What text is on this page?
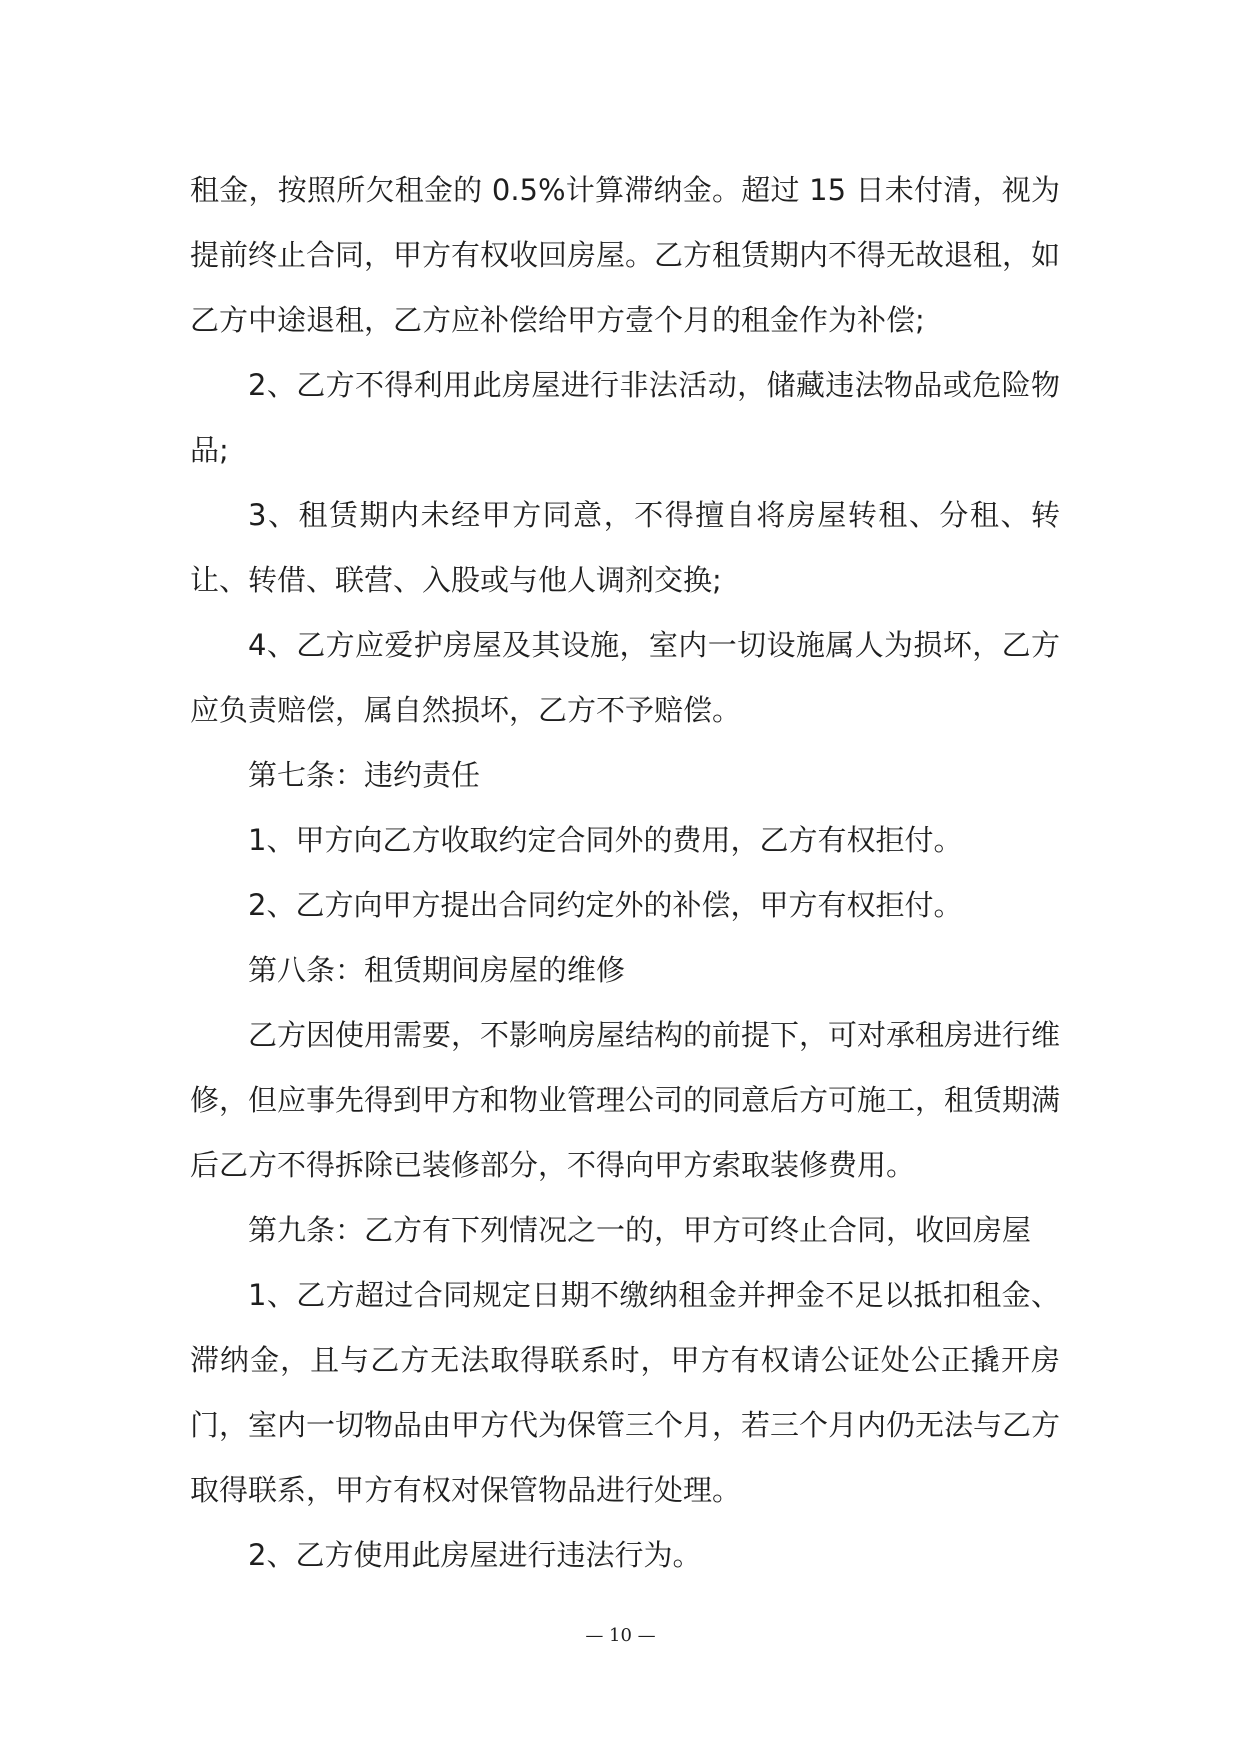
租金，按照所欠租金的 0.5%计算滞纳金。超过 15 日未付清，视为提前终止合同，甲方有权收回房屋。乙方租赁期内不得无故退租，如乙方中途退租，乙方应补偿给甲方壹个月的租金作为补偿;

2、乙方不得利用此房屋进行非法活动，储藏违法物品或危险物品;

3、租赁期内未经甲方同意，不得擅自将房屋转租、分租、转让、转借、联营、入股或与他人调剂交换;

4、乙方应爱护房屋及其设施，室内一切设施属人为损坏，乙方应负责赔偿，属自然损坏，乙方不予赔偿。

第七条：违约责任

1、甲方向乙方收取约定合同外的费用，乙方有权拒付。

2、乙方向甲方提出合同约定外的补偿，甲方有权拒付。

第八条：租赁期间房屋的维修

乙方因使用需要，不影响房屋结构的前提下，可对承租房进行维修，但应事先得到甲方和物业管理公司的同意后方可施工，租赁期满后乙方不得拆除已装修部分，不得向甲方索取装修费用。

第九条：乙方有下列情况之一的，甲方可终止合同，收回房屋

1、乙方超过合同规定日期不缴纳租金并押金不足以抵扣租金、滞纳金，且与乙方无法取得联系时，甲方有权请公证处公正撬开房门，室内一切物品由甲方代为保管三个月，若三个月内仍无法与乙方取得联系，甲方有权对保管物品进行处理。

2、乙方使用此房屋进行违法行为。

— 10 —
